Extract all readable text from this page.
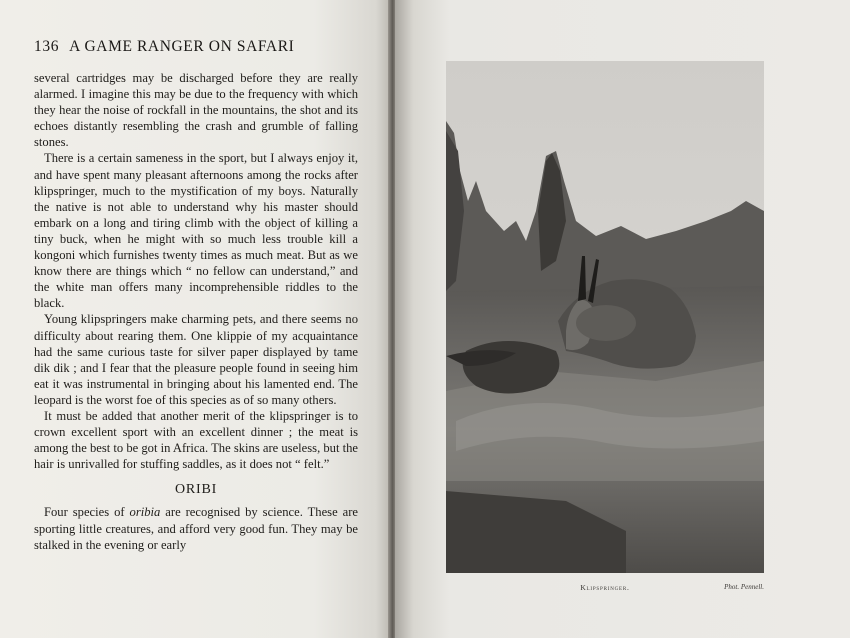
136 A GAME RANGER ON SAFARI

several cartridges may be discharged before they are really alarmed. I imagine this may be due to the frequency with which they hear the noise of rockfall in the mountains, the shot and its echoes distantly resembling the crash and grumble of falling stones.

There is a certain sameness in the sport, but I always enjoy it, and have spent many pleasant afternoons among the rocks after klipspringer, much to the mystification of my boys. Naturally the native is not able to understand why his master should embark on a long and tiring climb with the object of killing a tiny buck, when he might with so much less trouble kill a kongoni which furnishes twenty times as much meat. But as we know there are things which “ no fellow can understand,” and the white man offers many incomprehensible riddles to the black.

Young klipspringers make charming pets, and there seems no difficulty about rearing them. One klippie of my acquaintance had the same curious taste for silver paper displayed by tame dik dik ; and I fear that the pleasure people found in seeing him eat it was instrumental in bringing about his lamented end. The leopard is the worst foe of this species as of so many others.

It must be added that another merit of the klipspringer is to crown excellent sport with an excellent dinner ; the meat is among the best to be got in Africa. The skins are useless, but the hair is unrivalled for stuffing saddles, as it does not “ felt.”

ORIBI

Four species of oribia are recognised by science. These are sporting little creatures, and afford very good fun. They may be stalked in the evening or early

Klipspringer.	Phot. Pennell.
